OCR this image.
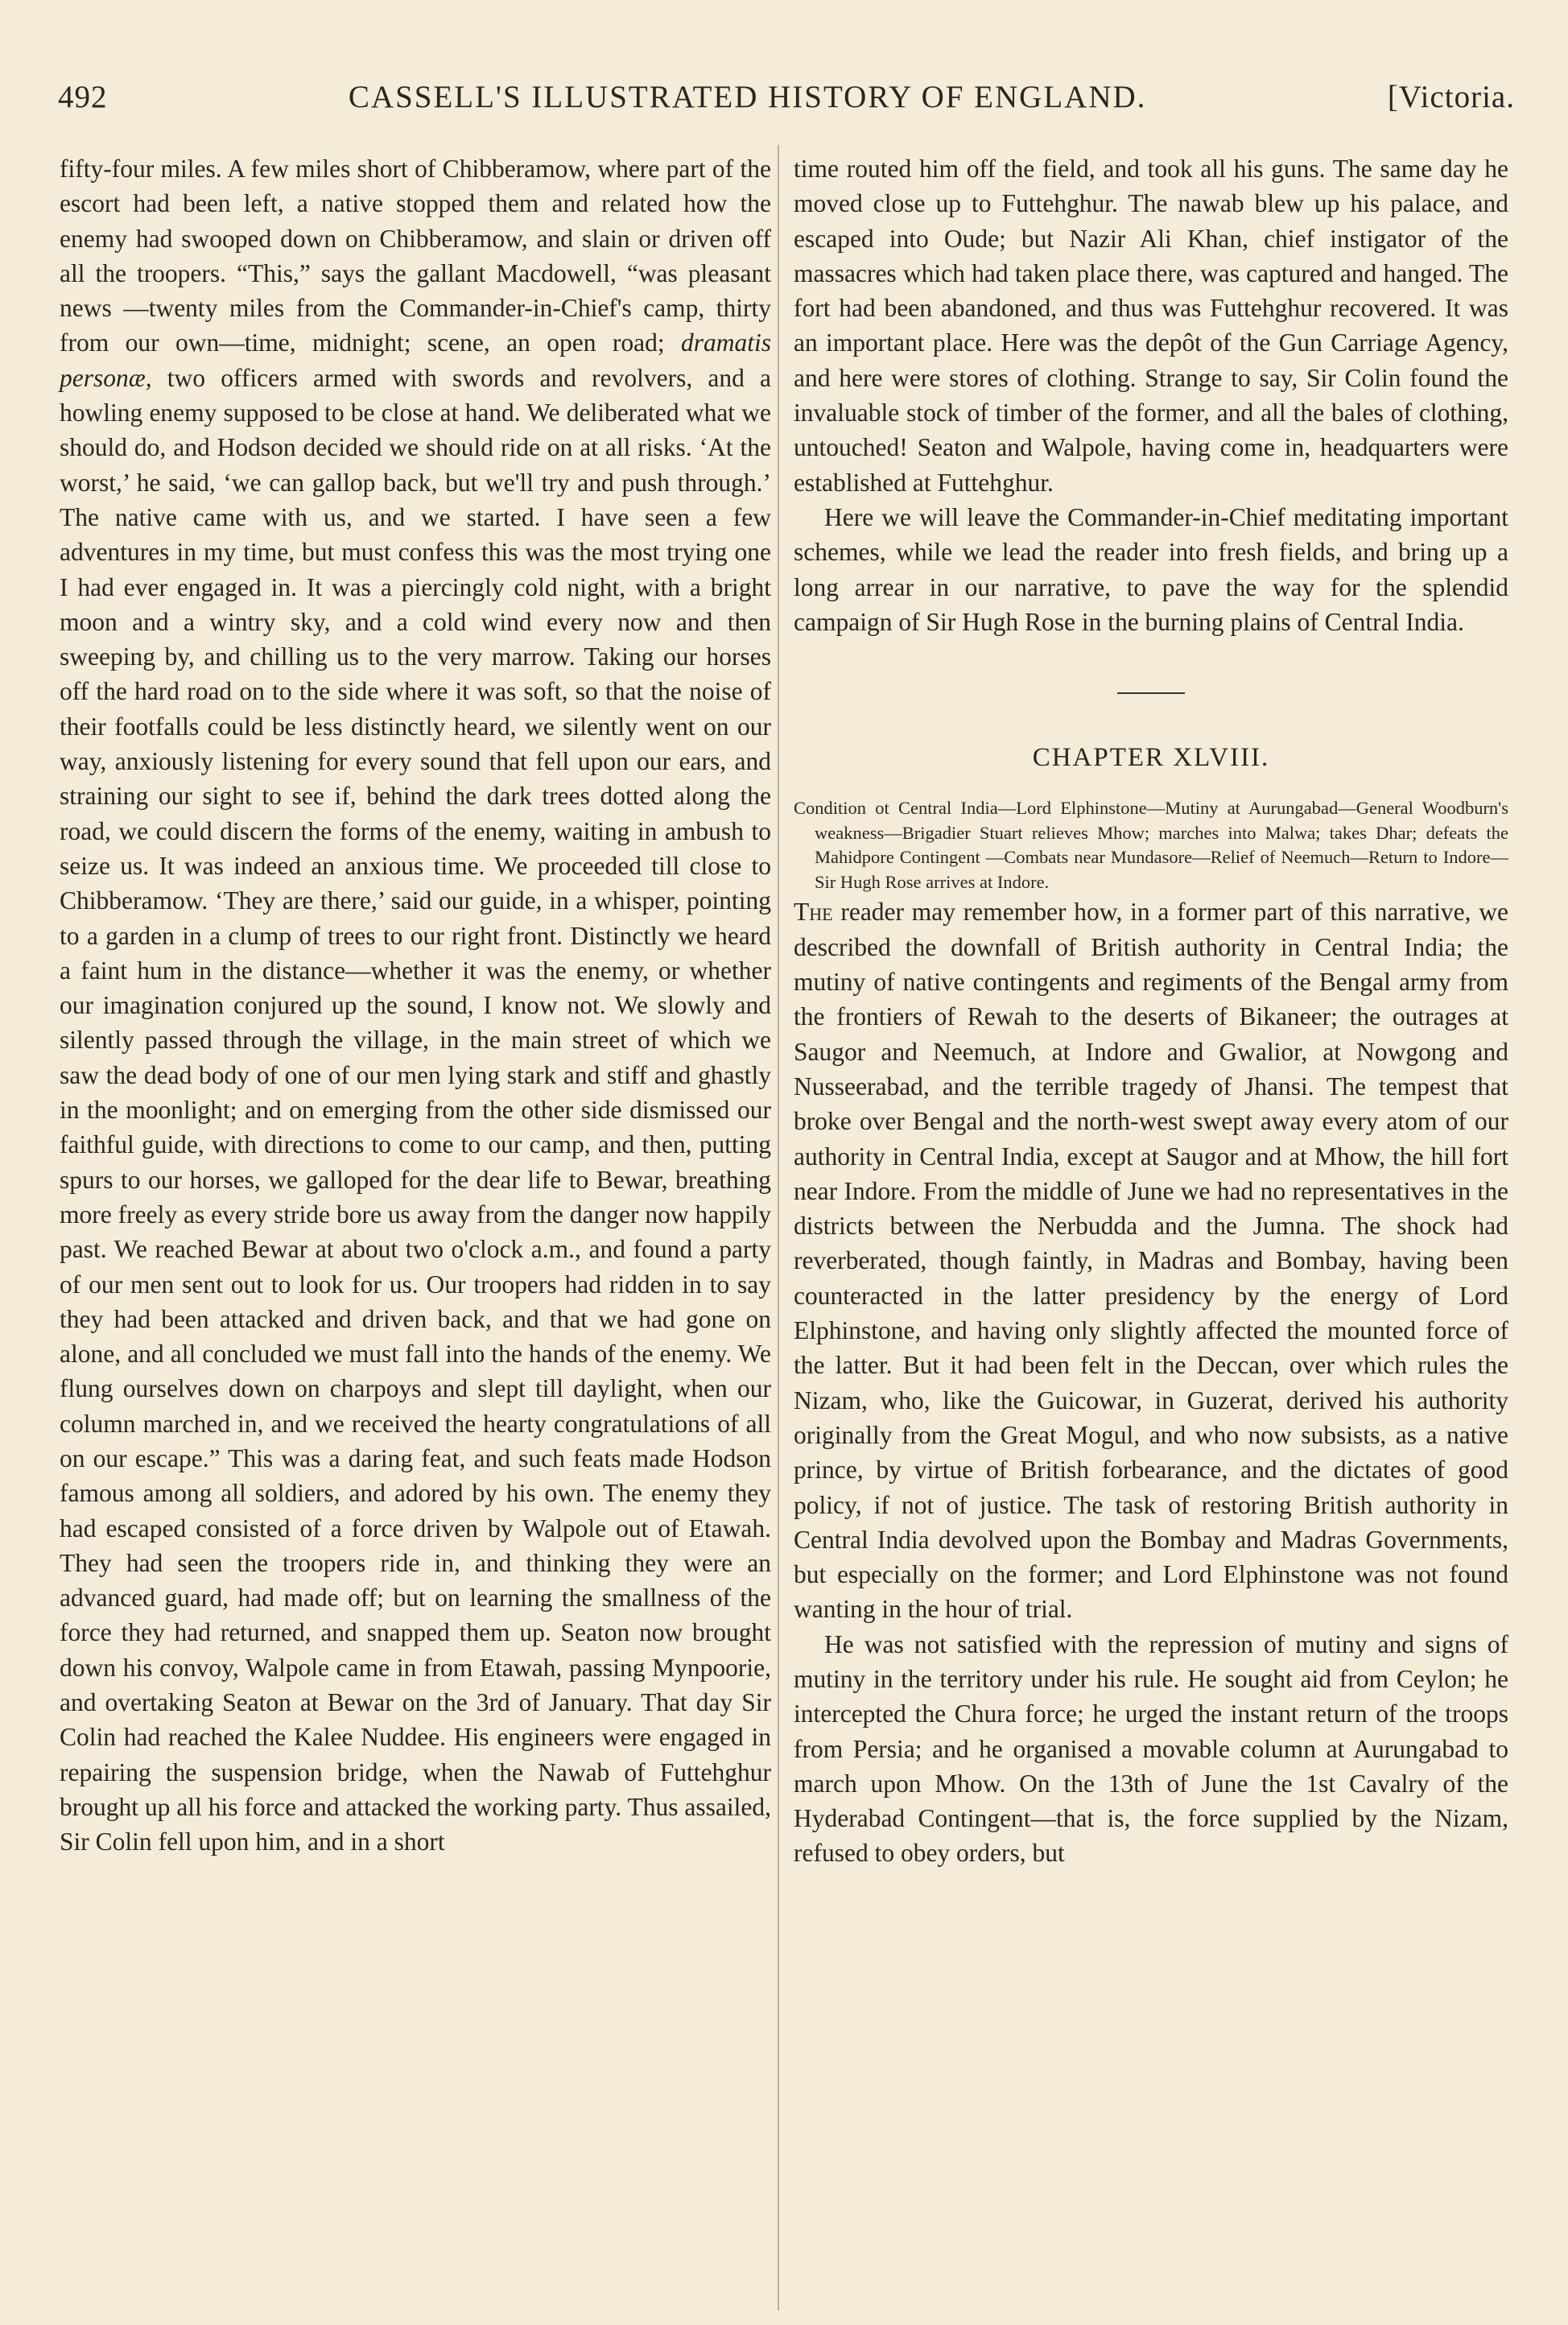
492	CASSELL'S ILLUSTRATED HISTORY OF ENGLAND.	[Victoria.

fifty-four miles. A few miles short of Chibberamow, where part of the escort had been left, a native stopped them and related how the enemy had swooped down on Chibberamow, and slain or driven off all the troopers. “This,” says the gallant Macdowell, “was pleasant news —twenty miles from the Commander-in-Chief's camp, thirty from our own—time, midnight; scene, an open road; dramatis personæ, two officers armed with swords and revolvers, and a howling enemy supposed to be close at hand. We deliberated what we should do, and Hodson decided we should ride on at all risks. ‘At the worst,’ he said, ‘we can gallop back, but we'll try and push through.’ The native came with us, and we started. I have seen a few adventures in my time, but must confess this was the most trying one I had ever engaged in. It was a piercingly cold night, with a bright moon and a wintry sky, and a cold wind every now and then sweeping by, and chilling us to the very marrow. Taking our horses off the hard road on to the side where it was soft, so that the noise of their footfalls could be less distinctly heard, we silently went on our way, anxiously listening for every sound that fell upon our ears, and straining our sight to see if, behind the dark trees dotted along the road, we could discern the forms of the enemy, waiting in ambush to seize us. It was indeed an anxious time. We proceeded till close to Chibberamow. ‘They are there,’ said our guide, in a whisper, pointing to a garden in a clump of trees to our right front. Distinctly we heard a faint hum in the distance—whether it was the enemy, or whether our imagination conjured up the sound, I know not. We slowly and silently passed through the village, in the main street of which we saw the dead body of one of our men lying stark and stiff and ghastly in the moonlight; and on emerging from the other side dismissed our faithful guide, with directions to come to our camp, and then, putting spurs to our horses, we galloped for the dear life to Bewar, breathing more freely as every stride bore us away from the danger now happily past. We reached Bewar at about two o'clock a.m., and found a party of our men sent out to look for us. Our troopers had ridden in to say they had been attacked and driven back, and that we had gone on alone, and all concluded we must fall into the hands of the enemy. We flung ourselves down on charpoys and slept till daylight, when our column marched in, and we received the hearty congratulations of all on our escape.” This was a daring feat, and such feats made Hodson famous among all soldiers, and adored by his own. The enemy they had escaped consisted of a force driven by Walpole out of Etawah. They had seen the troopers ride in, and thinking they were an advanced guard, had made off; but on learning the smallness of the force they had returned, and snapped them up. Seaton now brought down his convoy, Walpole came in from Etawah, passing Mynpoorie, and overtaking Seaton at Bewar on the 3rd of January. That day Sir Colin had reached the Kalee Nuddee. His engineers were engaged in repairing the suspension bridge, when the Nawab of Futtehghur brought up all his force and attacked the working party. Thus assailed, Sir Colin fell upon him, and in a short

time routed him off the field, and took all his guns. The same day he moved close up to Futtehghur. The nawab blew up his palace, and escaped into Oude; but Nazir Ali Khan, chief instigator of the massacres which had taken place there, was captured and hanged. The fort had been abandoned, and thus was Futtehghur recovered. It was an important place. Here was the depôt of the Gun Carriage Agency, and here were stores of clothing. Strange to say, Sir Colin found the invaluable stock of timber of the former, and all the bales of clothing, untouched! Seaton and Walpole, having come in, headquarters were established at Futtehghur.

Here we will leave the Commander-in-Chief meditating important schemes, while we lead the reader into fresh fields, and bring up a long arrear in our narrative, to pave the way for the splendid campaign of Sir Hugh Rose in the burning plains of Central India.

CHAPTER XLVIII.

Condition ot Central India—Lord Elphinstone—Mutiny at Aurungabad—General Woodburn's weakness—Brigadier Stuart relieves Mhow; marches into Malwa; takes Dhar; defeats the Mahidpore Contingent —Combats near Mundasore—Relief of Neemuch—Return to Indore—Sir Hugh Rose arrives at Indore.

The reader may remember how, in a former part of this narrative, we described the downfall of British authority in Central India; the mutiny of native contingents and regiments of the Bengal army from the frontiers of Rewah to the deserts of Bikaneer; the outrages at Saugor and Neemuch, at Indore and Gwalior, at Nowgong and Nusseerabad, and the terrible tragedy of Jhansi. The tempest that broke over Bengal and the north-west swept away every atom of our authority in Central India, except at Saugor and at Mhow, the hill fort near Indore. From the middle of June we had no representatives in the districts between the Nerbudda and the Jumna. The shock had reverberated, though faintly, in Madras and Bombay, having been counteracted in the latter presidency by the energy of Lord Elphinstone, and having only slightly affected the mounted force of the latter. But it had been felt in the Deccan, over which rules the Nizam, who, like the Guicowar, in Guzerat, derived his authority originally from the Great Mogul, and who now subsists, as a native prince, by virtue of British forbearance, and the dictates of good policy, if not of justice. The task of restoring British authority in Central India devolved upon the Bombay and Madras Governments, but especially on the former; and Lord Elphinstone was not found wanting in the hour of trial.

He was not satisfied with the repression of mutiny and signs of mutiny in the territory under his rule. He sought aid from Ceylon; he intercepted the Chura force; he urged the instant return of the troops from Persia; and he organised a movable column at Aurungabad to march upon Mhow. On the 13th of June the 1st Cavalry of the Hyderabad Contingent—that is, the force supplied by the Nizam, refused to obey orders, but
